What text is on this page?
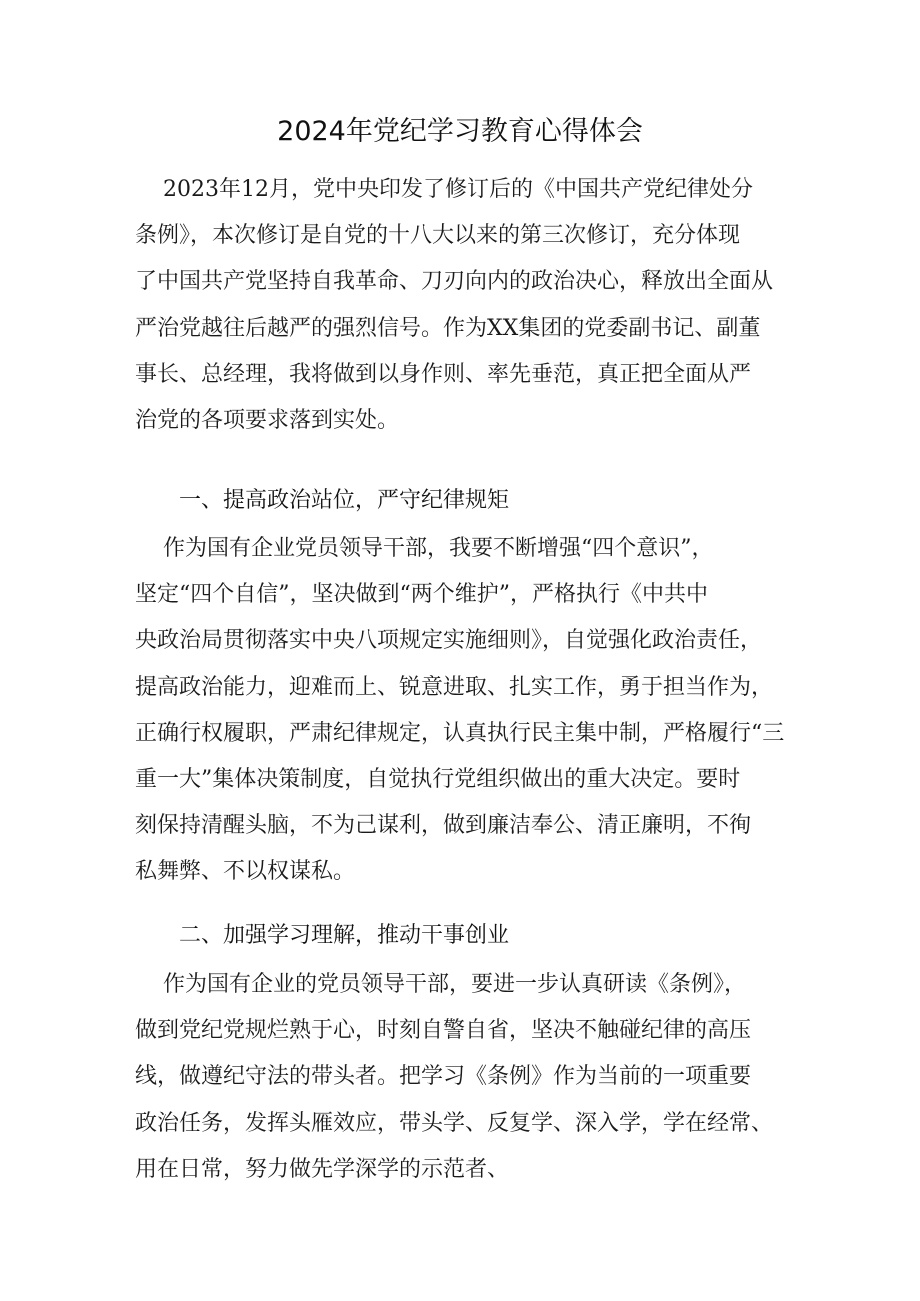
2024年党纪学习教育心得体会
2023年12月，党中央印发了修订后的《中国共产党纪律处分
条例》，本次修订是自党的十八大以来的第三次修订，充分体现
了中国共产党坚持自我革命、刀刃向内的政治决心，释放出全面从
严治党越往后越严的强烈信号。作为XX集团的党委副书记、副董
事长、总经理，我将做到以身作则、率先垂范，真正把全面从严
治党的各项要求落到实处。
一、提高政治站位，严守纪律规矩
作为国有企业党员领导干部，我要不断增强“四个意识”，
坚定“四个自信”，坚决做到“两个维护”，严格执行《中共中
央政治局贯彻落实中央八项规定实施细则》，自觉强化政治责任，
提高政治能力，迎难而上、锐意进取、扎实工作，勇于担当作为，
正确行权履职，严肃纪律规定，认真执行民主集中制，严格履行“三
重一大”集体决策制度，自觉执行党组织做出的重大决定。要时
刻保持清醒头脑，不为己谋利，做到廉洁奉公、清正廉明，不徇
私舞弊、不以权谋私。
二、加强学习理解，推动干事创业
作为国有企业的党员领导干部，要进一步认真研读《条例》，
做到党纪党规烂熟于心，时刻自警自省，坚决不触碰纪律的高压
线，做遵纪守法的带头者。把学习《条例》作为当前的一项重要
政治任务，发挥头雁效应，带头学、反复学、深入学，学在经常、
用在日常，努力做先学深学的示范者、
